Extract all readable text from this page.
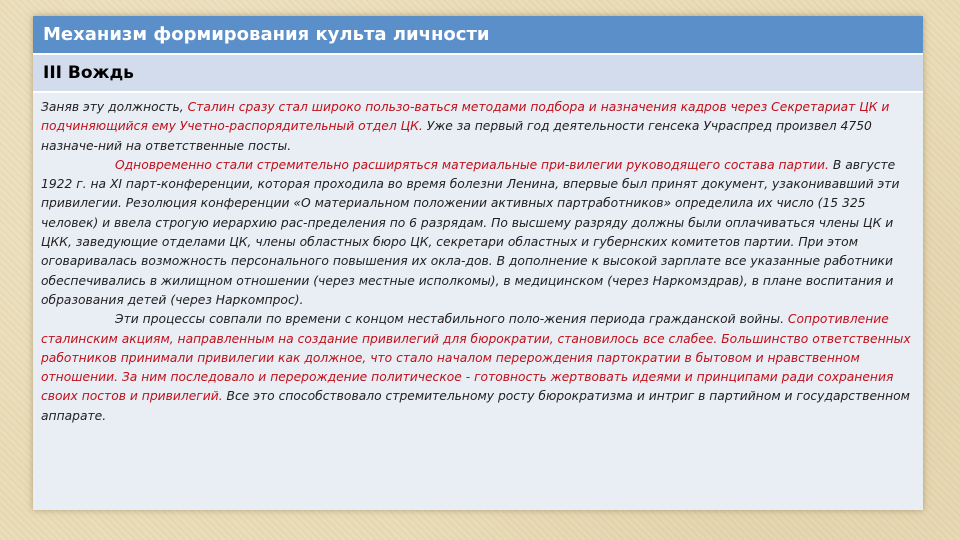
Механизм формирования культа личности
III Вождь

Заняв эту должность, Сталин сразу стал широко пользо-ваться методами подбора и назначения кадров через Секретариат ЦК и подчиняющийся ему Учетно-распорядительный отдел ЦК. Уже за первый год деятельности генсека Учраспред произвел 4750 назначе-ний на ответственные посты.
Одновременно стали стремительно расширяться материальные при-вилегии руководящего состава партии. В августе 1922 г. на XI парт-конференции, которая проходила во время болезни Ленина, впервые был принят документ, узаконивавший эти привилегии. Резолюция конференции «О материальном положении активных партработников» определила их число (15 325 человек) и ввела строгую иерархию рас-пределения по 6 разрядам. По высшему разряду должны были оплачиваться члены ЦК и ЦКК, заведующие отделами ЦК, члены областных бюро ЦК, секретари областных и губернских комитетов партии. При этом оговаривалась возможность персонального повышения их окла-дов. В дополнение к высокой зарплате все указанные работники обеспечивались в жилищном отношении (через местные исполкомы), в медицинском (через Наркомздрав), в плане воспитания и образования детей (через Наркомпрос).
Эти процессы совпали по времени с концом нестабильного поло-жения периода гражданской войны. Сопротивление сталинским акциям, направленным на создание привилегий для бюрократии, становилось все слабее. Большинство ответственных работников принимали привилегии как должное, что стало началом перерождения партократии в бытовом и нравственном отношении. За ним последовало и перерождение политическое - готовность жертвовать идеями и принципами ради сохранения своих постов и привилегий. Все это способствовало стремительному росту бюрократизма и интриг в партийном и государственном аппарате.
